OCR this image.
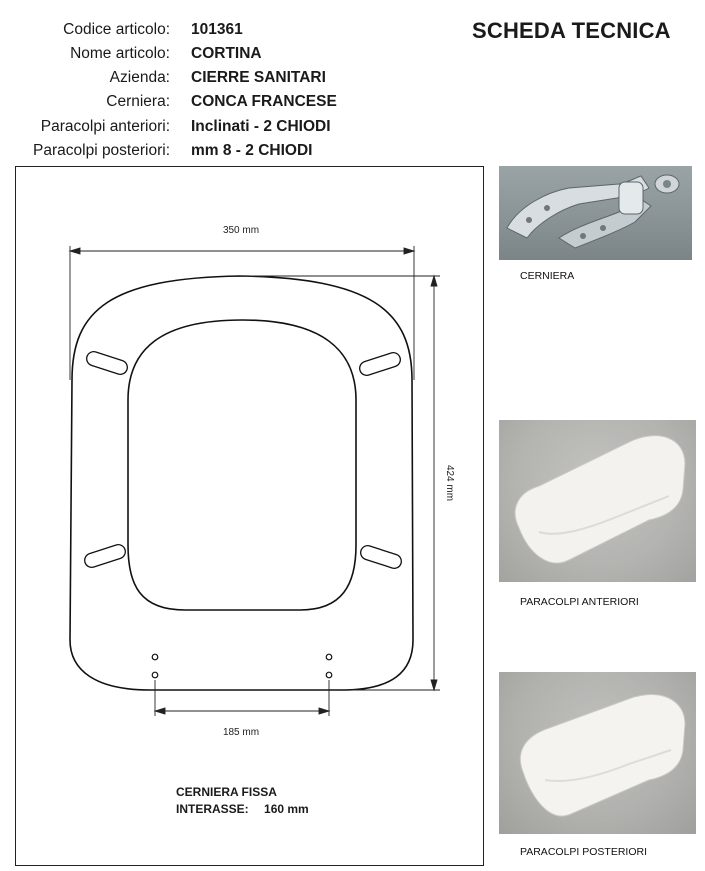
Codice articolo: 101361
Nome articolo: CORTINA
Azienda: CIERRE SANITARI
Cerniera: CONCA FRANCESE
Paracolpi anteriori: Inclinati - 2 CHIODI
Paracolpi posteriori: mm 8 - 2 CHIODI
SCHEDA TECNICA
350 mm
424 mm
185 mm
CERNIERA FISSA
INTERASSE: 160 mm
CERNIERA
PARACOLPI ANTERIORI
PARACOLPI POSTERIORI
